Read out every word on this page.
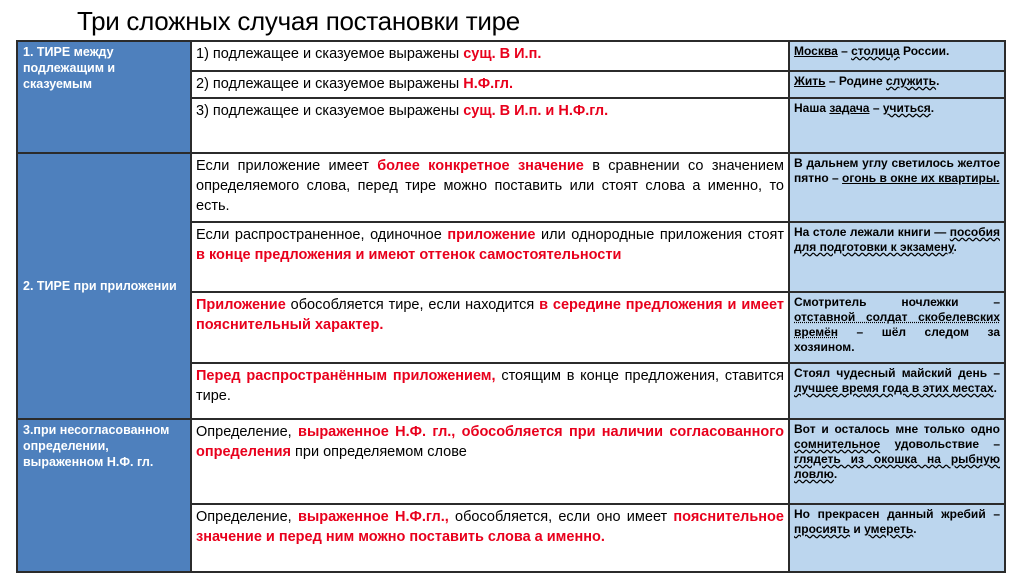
Три сложных случая постановки тире
1. ТИРЕ между подлежащим и сказуемым	1) подлежащее и сказуемое выражены сущ. В И.п.	Москва – столица России.
	2) подлежащее и сказуемое выражены Н.Ф.гл.	Жить – Родине служить.
	3) подлежащее и сказуемое выражены сущ. В И.п. и Н.Ф.гл.	Наша задача – учиться.
2. ТИРЕ при приложении	Если приложение имеет более конкретное значение в сравнении со значением определяемого слова, перед тире можно поставить или стоят слова а именно, то есть.	В дальнем углу светилось желтое пятно – огонь в окне их квартиры.
	Если распространенное, одиночное приложение или однородные приложения стоят в конце предложения и имеют оттенок самостоятельности	На столе лежали книги — пособия для подготовки к экзамену.
	Приложение обособляется тире, если находится в середине предложения и имеет пояснительный характер.	Смотритель ночлежки – отставной солдат скобелевских времён – шёл следом за хозяином.
	Перед распространённым приложением, стоящим в конце предложения, ставится тире.	Стоял чудесный майский день – лучшее время года в этих местах.
3.при несогласованном определении, выраженном Н.Ф. гл.	Определение, выраженное Н.Ф. гл., обособляется при наличии согласованного определения при определяемом слове	Вот и осталось мне только одно сомнительное удовольствие – глядеть из окошка на рыбную ловлю.
	Определение, выраженное Н.Ф.гл., обособляется, если оно имеет пояснительное значение и перед ним можно поставить слова а именно.	Но прекрасен данный жребий – просиять и умереть.
